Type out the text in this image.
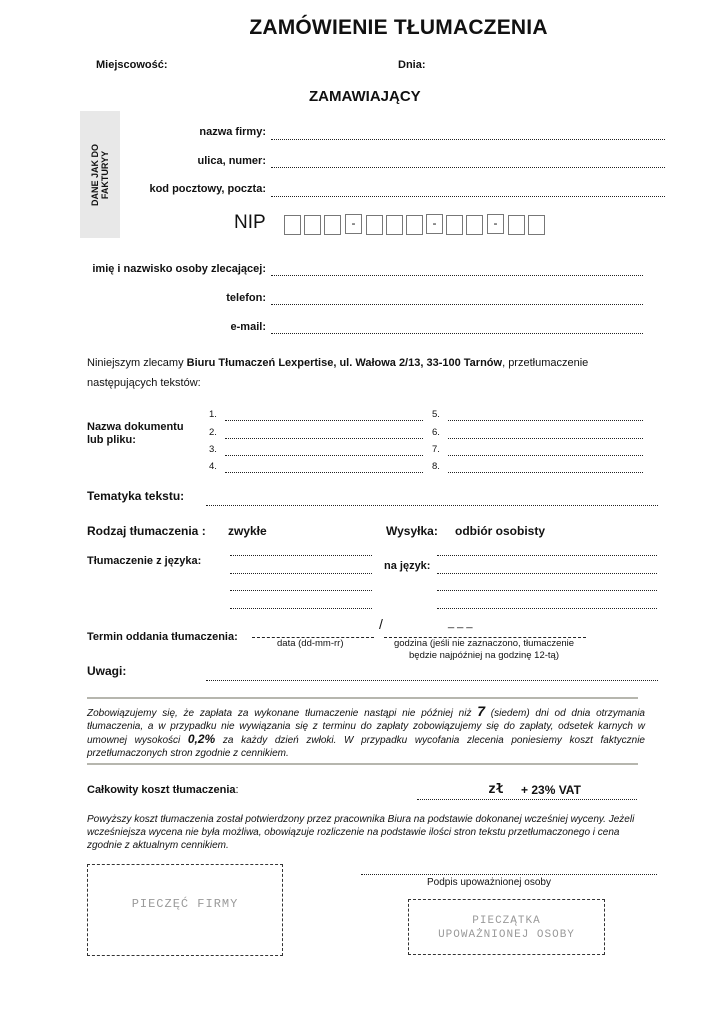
ZAMÓWIENIE TŁUMACZENIA
Miejscowość:	Dnia:
ZAMAWIAJĄCY
DANE JAK DO FAKTURYY
nazwa firmy:
ulica, numer:
kod pocztowy, poczta:
NIP	-	-	-
imię i nazwisko osoby zlecającej:
telefon:
e-mail:
Niniejszym zlecamy Biuru Tłumaczeń Lexpertise, ul. Wałowa 2/13, 33-100 Tarnów, przetłumaczenie
następujących tekstów:
Nazwa dokumentu
lub pliku:
1.
2.
3.
4.
5.
6.
7.
8.
Tematyka tekstu:
Rodzaj tłumaczenia : zwykłe	Wysyłka: odbiór osobisty
Tłumaczenie z języka:	na język:
Termin oddania tłumaczenia:
/	_ _ _
data (dd-mm-rr)	godzina (jeśli nie zaznaczono, tłumaczenie
będzie najpóźniej na godzinę 12-tą)
Uwagi:
Zobowiązujemy się, że zapłata za wykonane tłumaczenie nastąpi nie później niż 7 (siedem) dni od dnia otrzymania tłumaczenia, a w przypadku nie wywiązania się z terminu do zapłaty zobowiązujemy się do zapłaty, odsetek karnych w umownej wysokości 0,2% za każdy dzień zwłoki. W przypadku wycofania zlecenia poniesiemy koszt faktycznie przetłumaczonych stron zgodnie z cennikiem.
Całkowity koszt tłumaczenia:	zł + 23% VAT
Powyższy koszt tłumaczenia został potwierdzony przez pracownika Biura na podstawie dokonanej wcześniej wyceny. Jeżeli wcześniejsza wycena nie była możliwa, obowiązuje rozliczenie na podstawie ilości stron tekstu przetłumaczonego i cena zgodnie z aktualnym cennikiem.
PIECZĘĆ FIRMY
Podpis upoważnionej osoby
PIECZĄTKA
UPOWAŻNIONEJ OSOBY
